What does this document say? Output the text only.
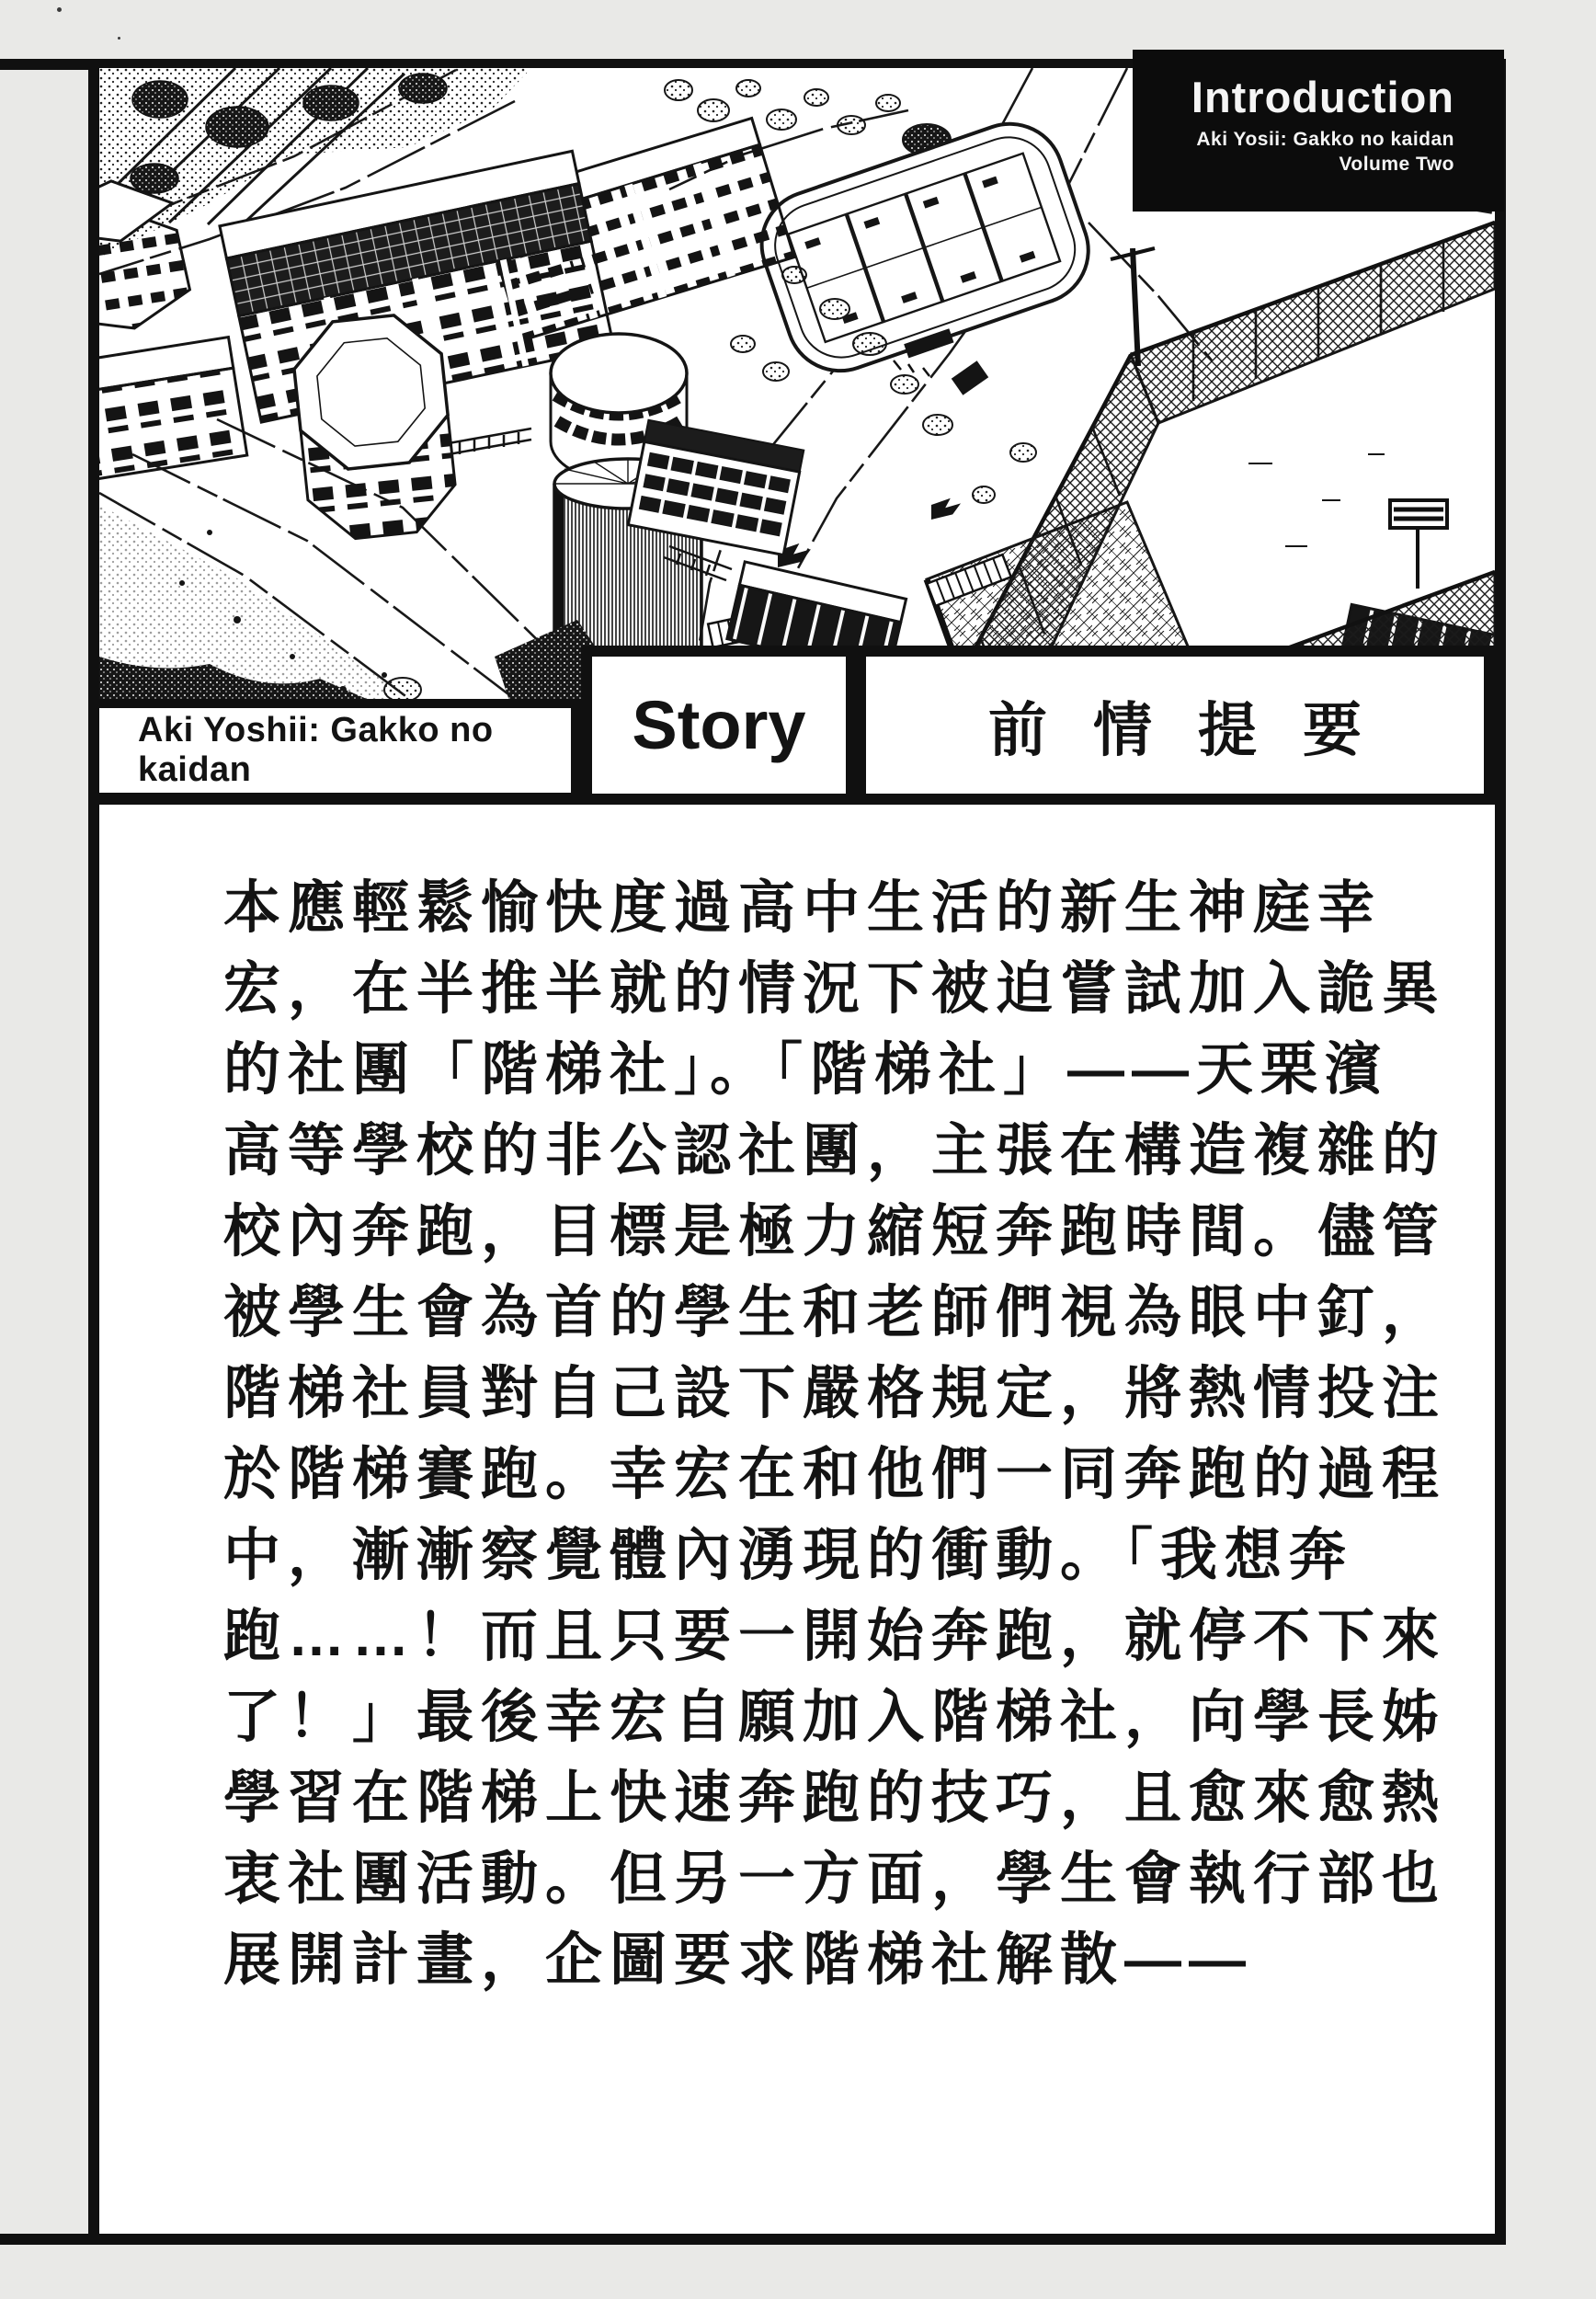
Introduction
Aki Yosii: Gakko no kaidan
Volume Two
Aki Yoshii: Gakko no kaidan
Story	前情提要
本應輕鬆愉快度過高中生活的新生神庭幸
宏，在半推半就的情況下被迫嘗試加入詭異
的社團「階梯社」。「階梯社」——天栗濱
高等學校的非公認社團，主張在構造複雜的
校內奔跑，目標是極力縮短奔跑時間。儘管
被學生會為首的學生和老師們視為眼中釘，
階梯社員對自己設下嚴格規定，將熱情投注
於階梯賽跑。幸宏在和他們一同奔跑的過程
中，漸漸察覺體內湧現的衝動。「我想奔
跑……！而且只要一開始奔跑，就停不下來
了！」最後幸宏自願加入階梯社，向學長姊
學習在階梯上快速奔跑的技巧，且愈來愈熱
衷社團活動。但另一方面，學生會執行部也
展開計畫，企圖要求階梯社解散——
